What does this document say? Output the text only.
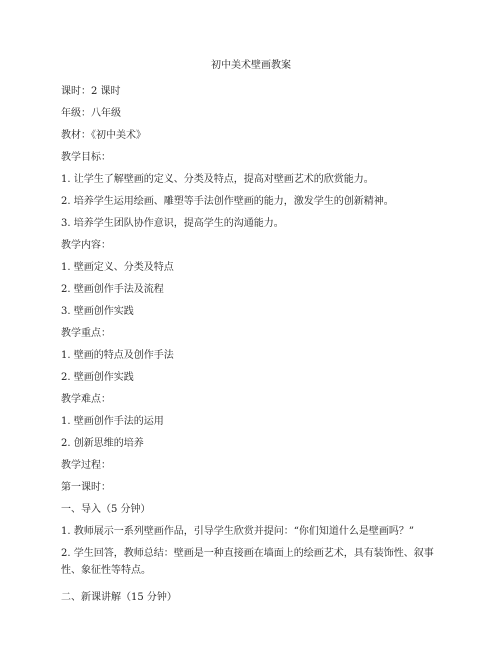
初中美术壁画教案
课时：2 课时
年级：八年级
教材：《初中美术》
教学目标：
1. 让学生了解壁画的定义、分类及特点，提高对壁画艺术的欣赏能力。
2. 培养学生运用绘画、雕塑等手法创作壁画的能力，激发学生的创新精神。
3. 培养学生团队协作意识，提高学生的沟通能力。
教学内容：
1. 壁画定义、分类及特点
2. 壁画创作手法及流程
3. 壁画创作实践
教学重点：
1. 壁画的特点及创作手法
2. 壁画创作实践
教学难点：
1. 壁画创作手法的运用
2. 创新思维的培养
教学过程：
第一课时：
一、导入（5 分钟）
1. 教师展示一系列壁画作品，引导学生欣赏并提问：“你们知道什么是壁画吗？”
2. 学生回答，教师总结：壁画是一种直接画在墙面上的绘画艺术，具有装饰性、叙事性、象征性等特点。
二、新课讲解（15 分钟）
